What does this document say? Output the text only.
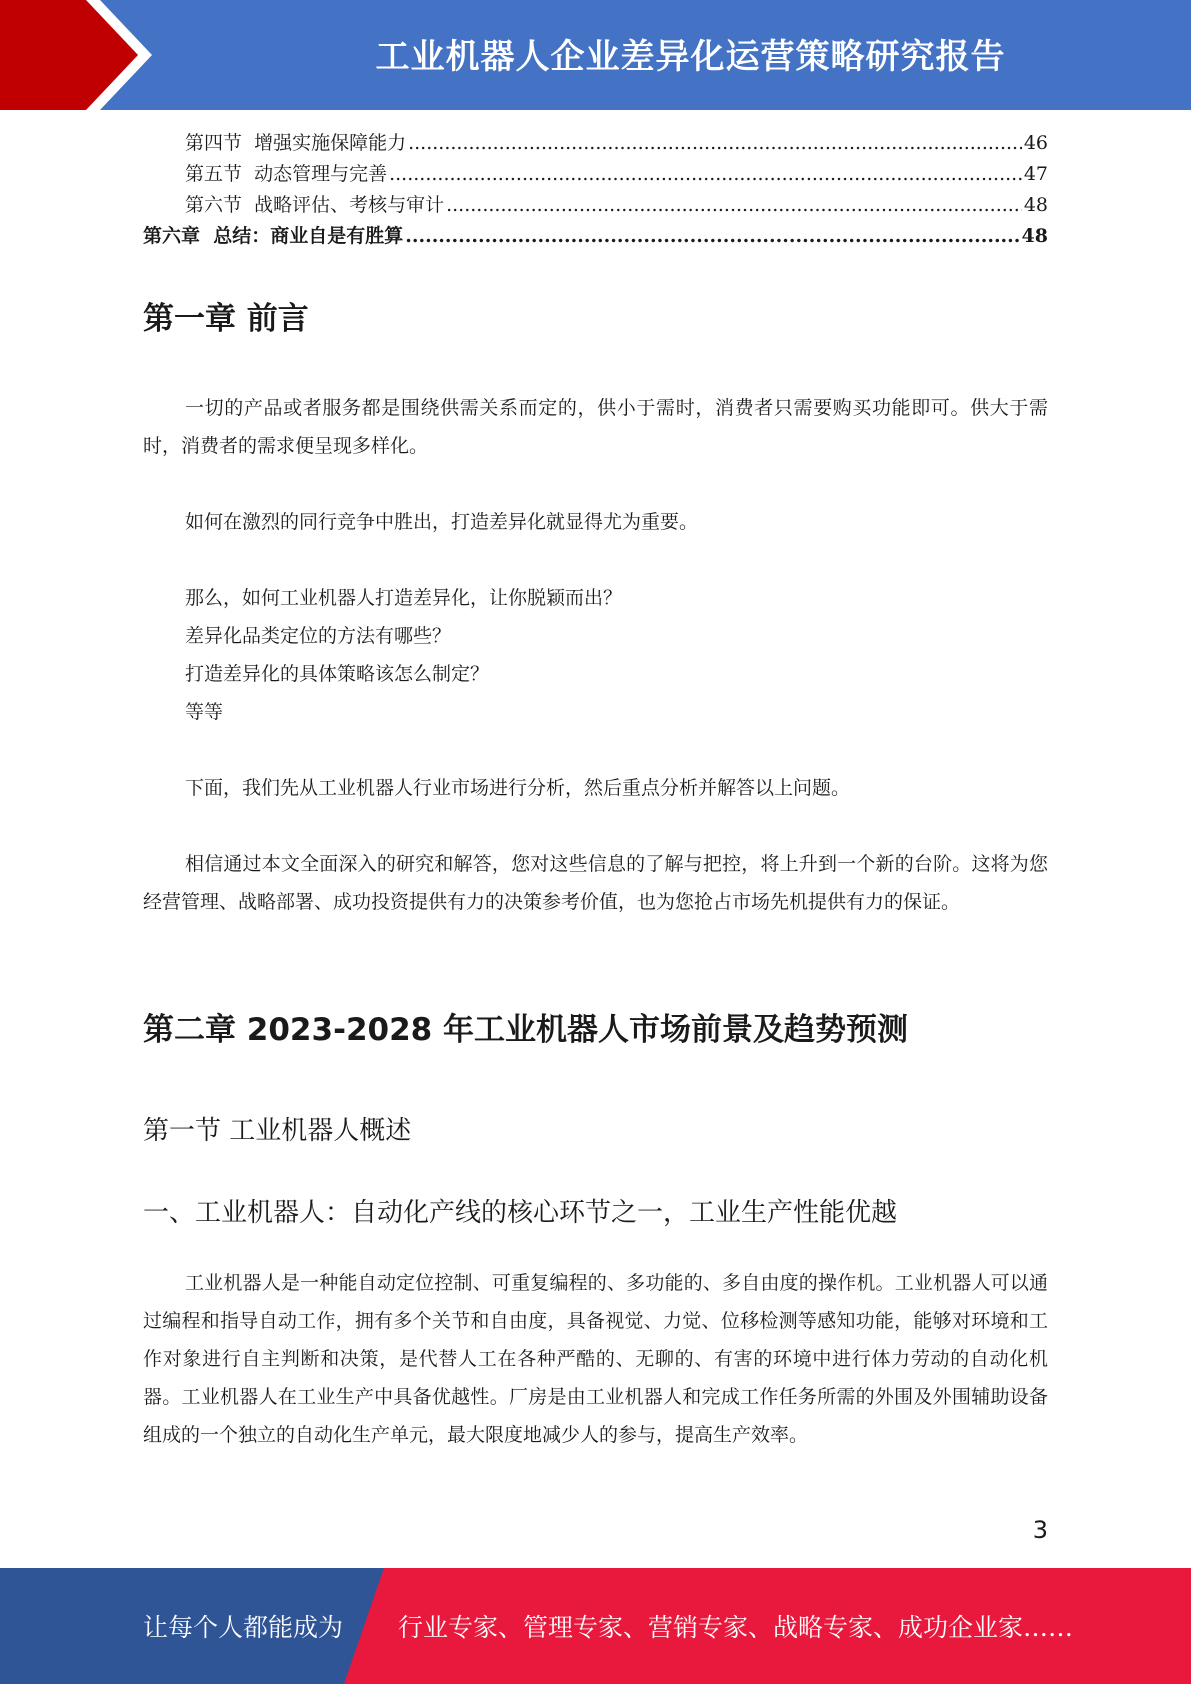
工业机器人企业差异化运营策略研究报告
第四节  增强实施保障能力 .....	46
第五节  动态管理与完善 .....	47
第六节  战略评估、考核与审计 .....	48
第六章  总结：商业自是有胜算 .....	48
第一章 前言

一切的产品或者服务都是围绕供需关系而定的，供小于需时，消费者只需要购买功能即可。供大于需时，消费者的需求便呈现多样化。

如何在激烈的同行竞争中胜出，打造差异化就显得尤为重要。

那么，如何工业机器人打造差异化，让你脱颖而出？

差异化品类定位的方法有哪些？

打造差异化的具体策略该怎么制定？

等等

下面，我们先从工业机器人行业市场进行分析，然后重点分析并解答以上问题。

相信通过本文全面深入的研究和解答，您对这些信息的了解与把控，将上升到一个新的台阶。这将为您经营管理、战略部署、成功投资提供有力的决策参考价值，也为您抢占市场先机提供有力的保证。

第二章 2023-2028 年工业机器人市场前景及趋势预测
第一节 工业机器人概述
一、工业机器人：自动化产线的核心环节之一，工业生产性能优越

工业机器人是一种能自动定位控制、可重复编程的、多功能的、多自由度的操作机。工业机器人可以通过编程和指导自动工作，拥有多个关节和自由度，具备视觉、力觉、位移检测等感知功能，能够对环境和工作对象进行自主判断和决策，是代替人工在各种严酷的、无聊的、有害的环境中进行体力劳动的自动化机器。工业机器人在工业生产中具备优越性。厂房是由工业机器人和完成工作任务所需的外围及外围辅助设备组成的一个独立的自动化生产单元，最大限度地减少人的参与，提高生产效率。

3
让每个人都能成为 行业专家、管理专家、营销专家、战略专家、成功企业家……
